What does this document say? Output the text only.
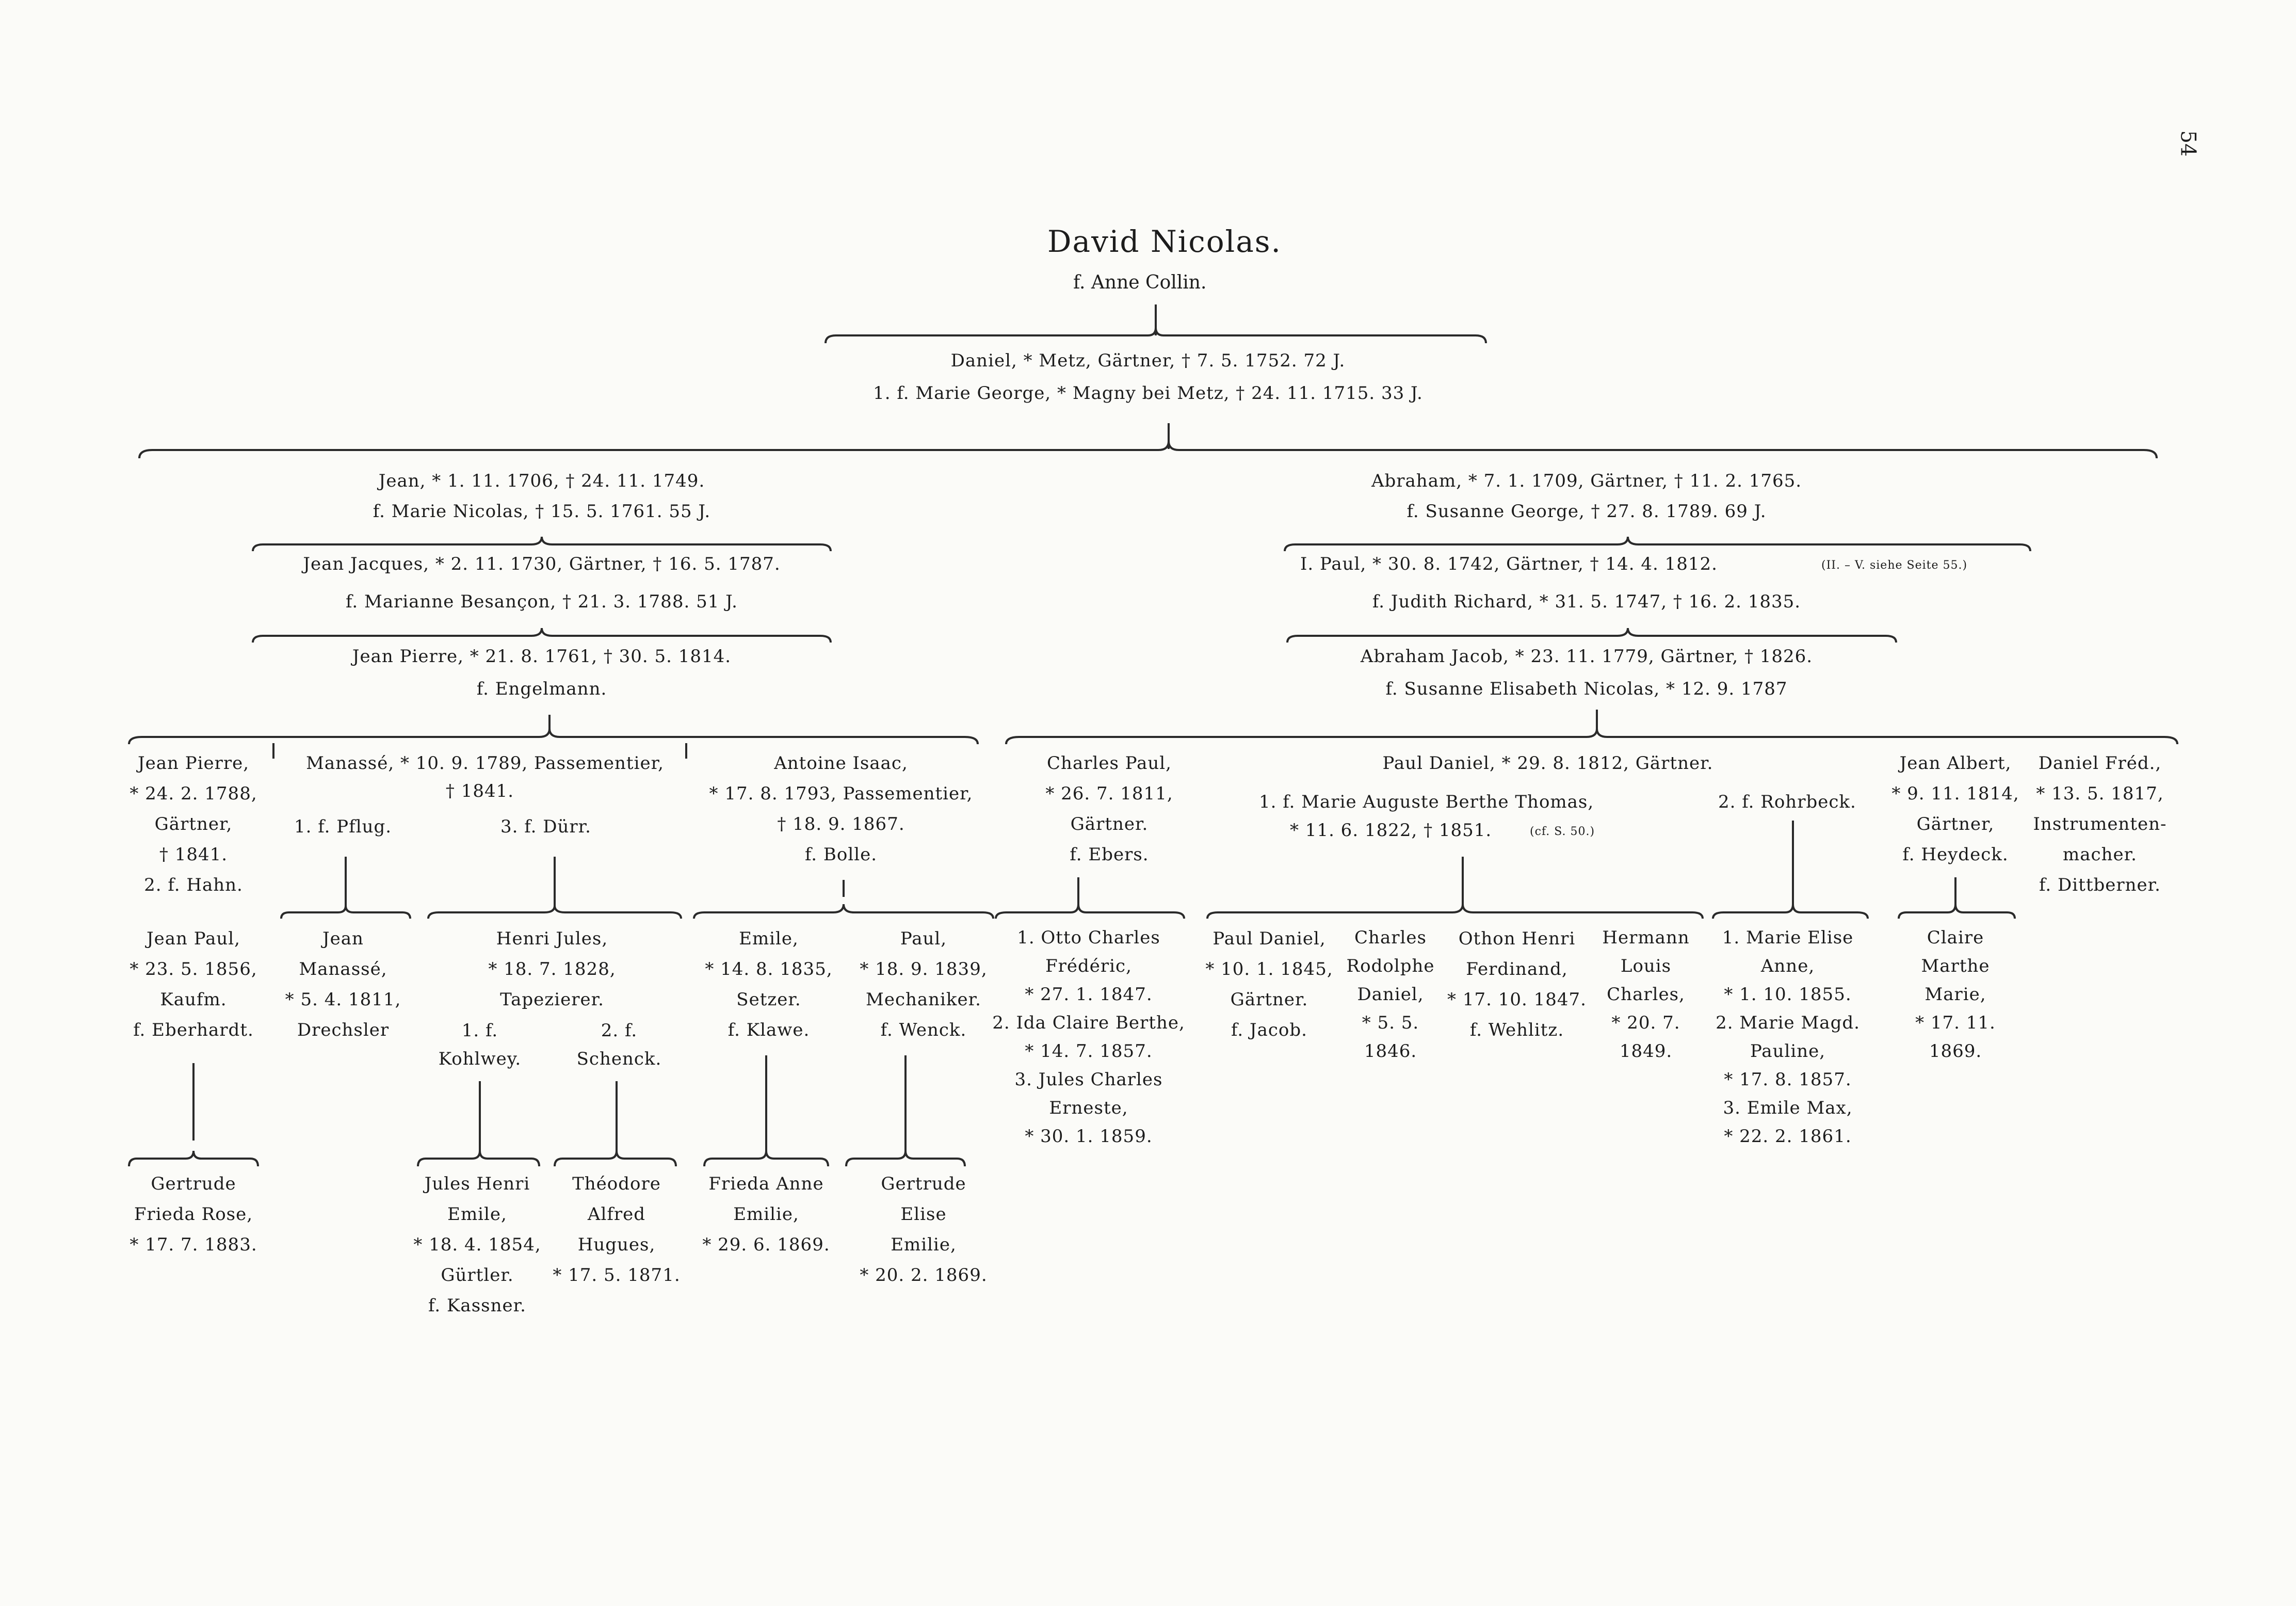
54
David Nicolas.
f. Anne Collin.
Daniel, * Metz, Gärtner, † 7. 5. 1752. 72 J.
1. f. Marie George, * Magny bei Metz, † 24. 11. 1715. 33 J.
Jean, * 1. 11. 1706, † 24. 11. 1749.
f. Marie Nicolas, † 15. 5. 1761. 55 J.
Jean Jacques, * 2. 11. 1730, Gärtner, † 16. 5. 1787.
f. Marianne Besançon, † 21. 3. 1788. 51 J.
Jean Pierre, * 21. 8. 1761, † 30. 5. 1814.
f. Engelmann.
Jean Pierre,
* 24. 2. 1788,
Gärtner,
† 1841.
2. f. Hahn.
Manassé, * 10. 9. 1789, Passementier,
† 1841.
1. f. Pflug.	3. f. Dürr.
Antoine Isaac,
* 17. 8. 1793, Passementier,
† 18. 9. 1867.
f. Bolle.
Jean Paul,
* 23. 5. 1856,
Kaufm.
f. Eberhardt.
Jean
Manassé,
* 5. 4. 1811,
Drechsler
Henri Jules,
* 18. 7. 1828,
Tapezierer.
1. f.
Kohlwey.
2. f.
Schenck.
Emile,
* 14. 8. 1835,
Setzer.
f. Klawe.
Paul,
* 18. 9. 1839,
Mechaniker.
f. Wenck.
Gertrude
Frieda Rose,
* 17. 7. 1883.
Jules Henri
Emile,
* 18. 4. 1854,
Gürtler.
f. Kassner.
Théodore
Alfred
Hugues,
* 17. 5. 1871.
Frieda Anne
Emilie,
* 29. 6. 1869.
Gertrude
Elise
Emilie,
* 20. 2. 1869.
Abraham, * 7. 1. 1709, Gärtner, † 11. 2. 1765.
f. Susanne George, † 27. 8. 1789. 69 J.
I. Paul, * 30. 8. 1742, Gärtner, † 14. 4. 1812.	(II. – V. siehe Seite 55.)
f. Judith Richard, * 31. 5. 1747, † 16. 2. 1835.
Abraham Jacob, * 23. 11. 1779, Gärtner, † 1826.
f. Susanne Elisabeth Nicolas, * 12. 9. 1787
Charles Paul,
* 26. 7. 1811,
Gärtner.
f. Ebers.
Paul Daniel, * 29. 8. 1812, Gärtner.
1. f. Marie Auguste Berthe Thomas,
* 11. 6. 1822, † 1851.	(cf. S. 50.)
2. f. Rohrbeck.
Jean Albert,
* 9. 11. 1814,
Gärtner,
f. Heydeck.
Daniel Fréd.,
* 13. 5. 1817,
Instrumenten-
macher.
f. Dittberner.
1. Otto Charles
Frédéric,
* 27. 1. 1847.
2. Ida Claire Berthe,
* 14. 7. 1857.
3. Jules Charles
Erneste,
* 30. 1. 1859.
Paul Daniel,
* 10. 1. 1845,
Gärtner.
f. Jacob.
Charles
Rodolphe
Daniel,
* 5. 5.
1846.
Othon Henri
Ferdinand,
* 17. 10. 1847.
f. Wehlitz.
Hermann
Louis
Charles,
* 20. 7.
1849.
1. Marie Elise
Anne,
* 1. 10. 1855.
2. Marie Magd.
Pauline,
* 17. 8. 1857.
3. Emile Max,
* 22. 2. 1861.
Claire
Marthe
Marie,
* 17. 11.
1869.
